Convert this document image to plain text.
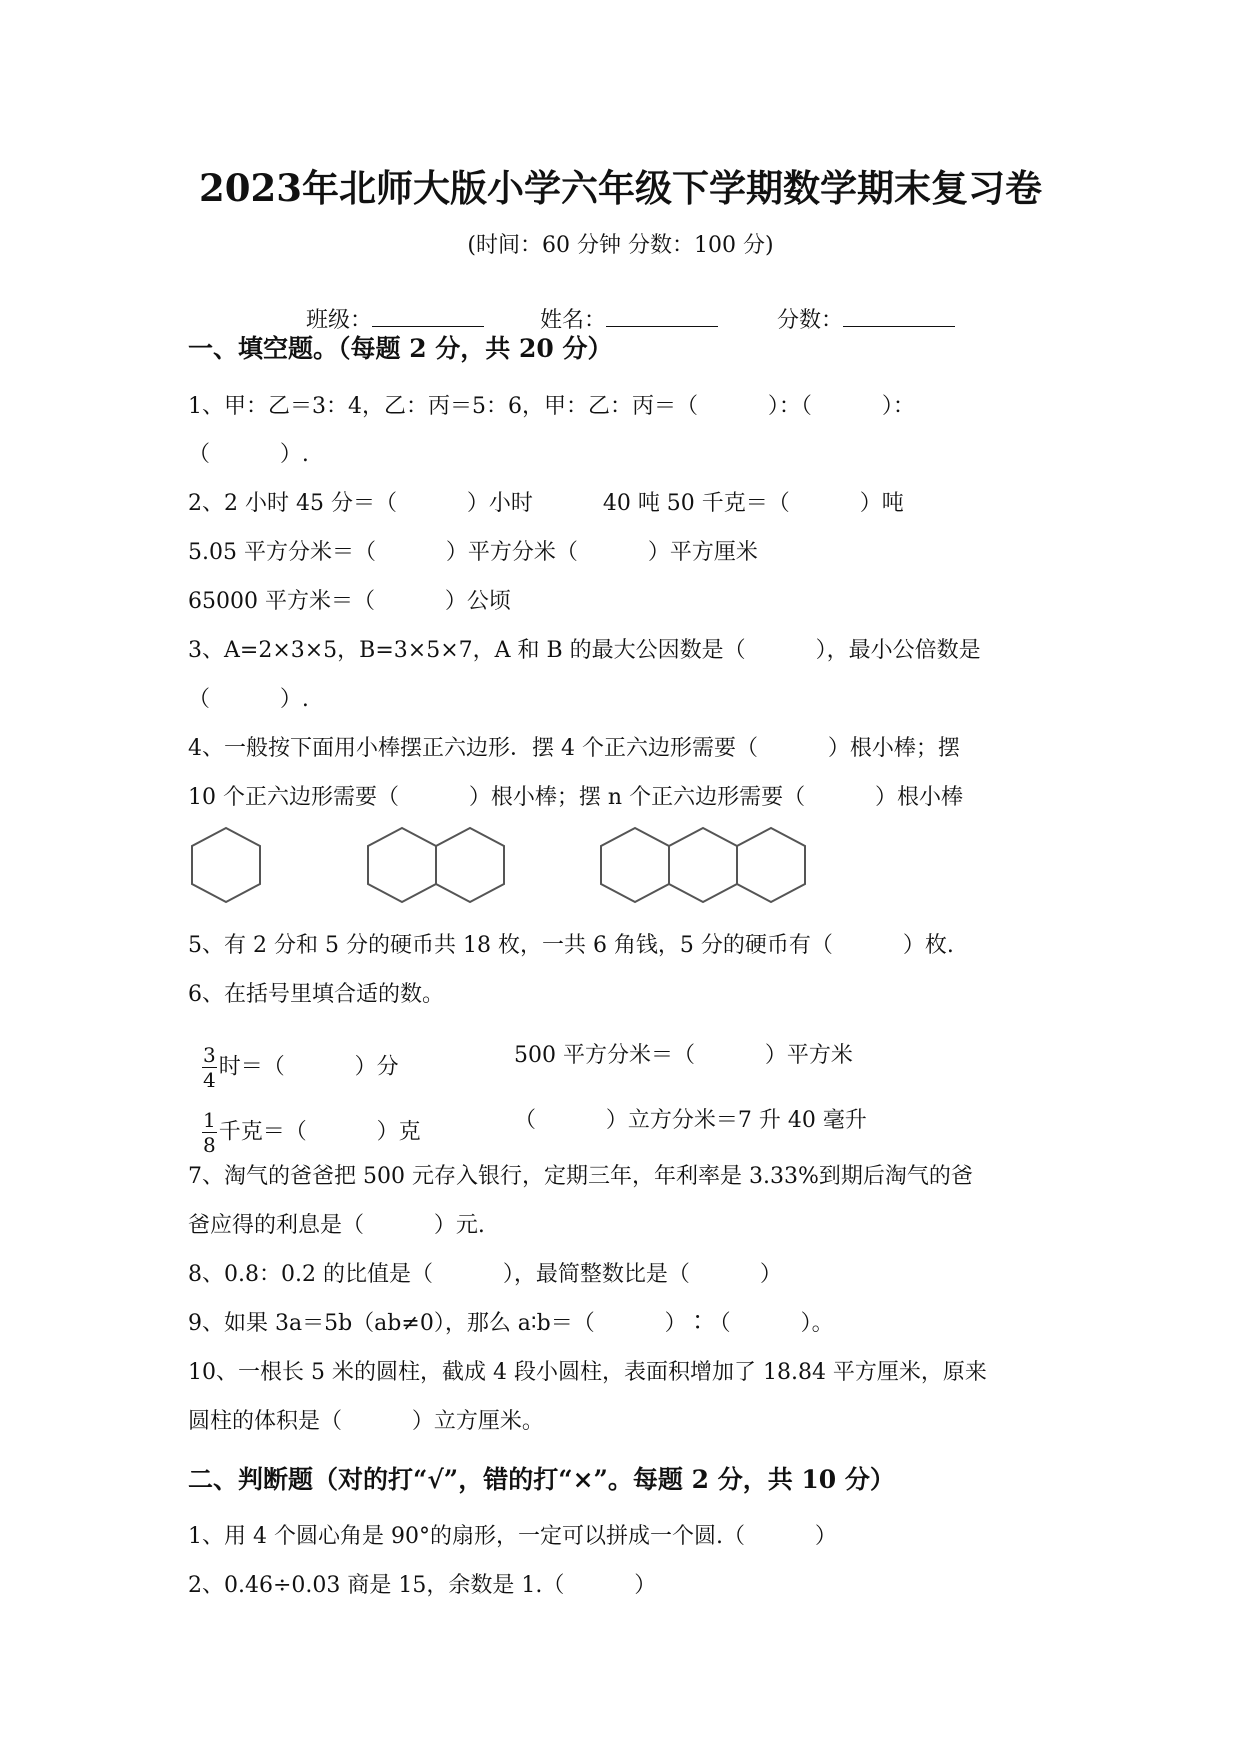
2023年北师大版小学六年级下学期数学期末复习卷
(时间：60 分钟 分数：100 分)

班级：	姓名：	分数：

一、填空题。（每题 2 分，共 20 分）
1、甲：乙＝3：4，乙：丙＝5：6，甲：乙：丙＝（          ）：（          ）：
（          ）.
2、2 小时 45 分＝（          ）小时          40 吨 50 千克＝（          ）吨
5.05 平方分米＝（          ）平方分米（          ）平方厘米
65000 平方米＝（          ）公顷
3、A=2×3×5，B=3×5×7，A 和 B 的最大公因数是（          ），最小公倍数是
（          ）.
4、一般按下面用小棒摆正六边形．摆 4 个正六边形需要（          ）根小棒；摆
10 个正六边形需要（          ）根小棒；摆 n 个正六边形需要（          ）根小棒
5、有 2 分和 5 分的硬币共 18 枚，一共 6 角钱，5 分的硬币有（          ）枚.
6、在括号里填合适的数。

$\frac{3}{4}$ 时＝（          ）分	500 平方分米＝（          ）平方米

$\frac{1}{8}$ 千克＝（          ）克	（          ）立方分米＝7 升 40 毫升
7、淘气的爸爸把 500 元存入银行，定期三年，年利率是 3.33%到期后淘气的爸
爸应得的利息是（          ）元.
8、0.8：0.2 的比值是（          ），最简整数比是（          ）
9、如果 3a＝5b（ab≠0），那么 a∶b＝（          ）∶（          ）。
10、一根长 5 米的圆柱，截成 4 段小圆柱，表面积增加了 18.84 平方厘米，原来
圆柱的体积是（          ）立方厘米。
二、判断题（对的打“√”，错的打“×”。每题 2 分，共 10 分）
1、用 4 个圆心角是 90°的扇形，一定可以拼成一个圆.（          ）
2、0.46÷0.03 商是 15，余数是 1.（          ）
